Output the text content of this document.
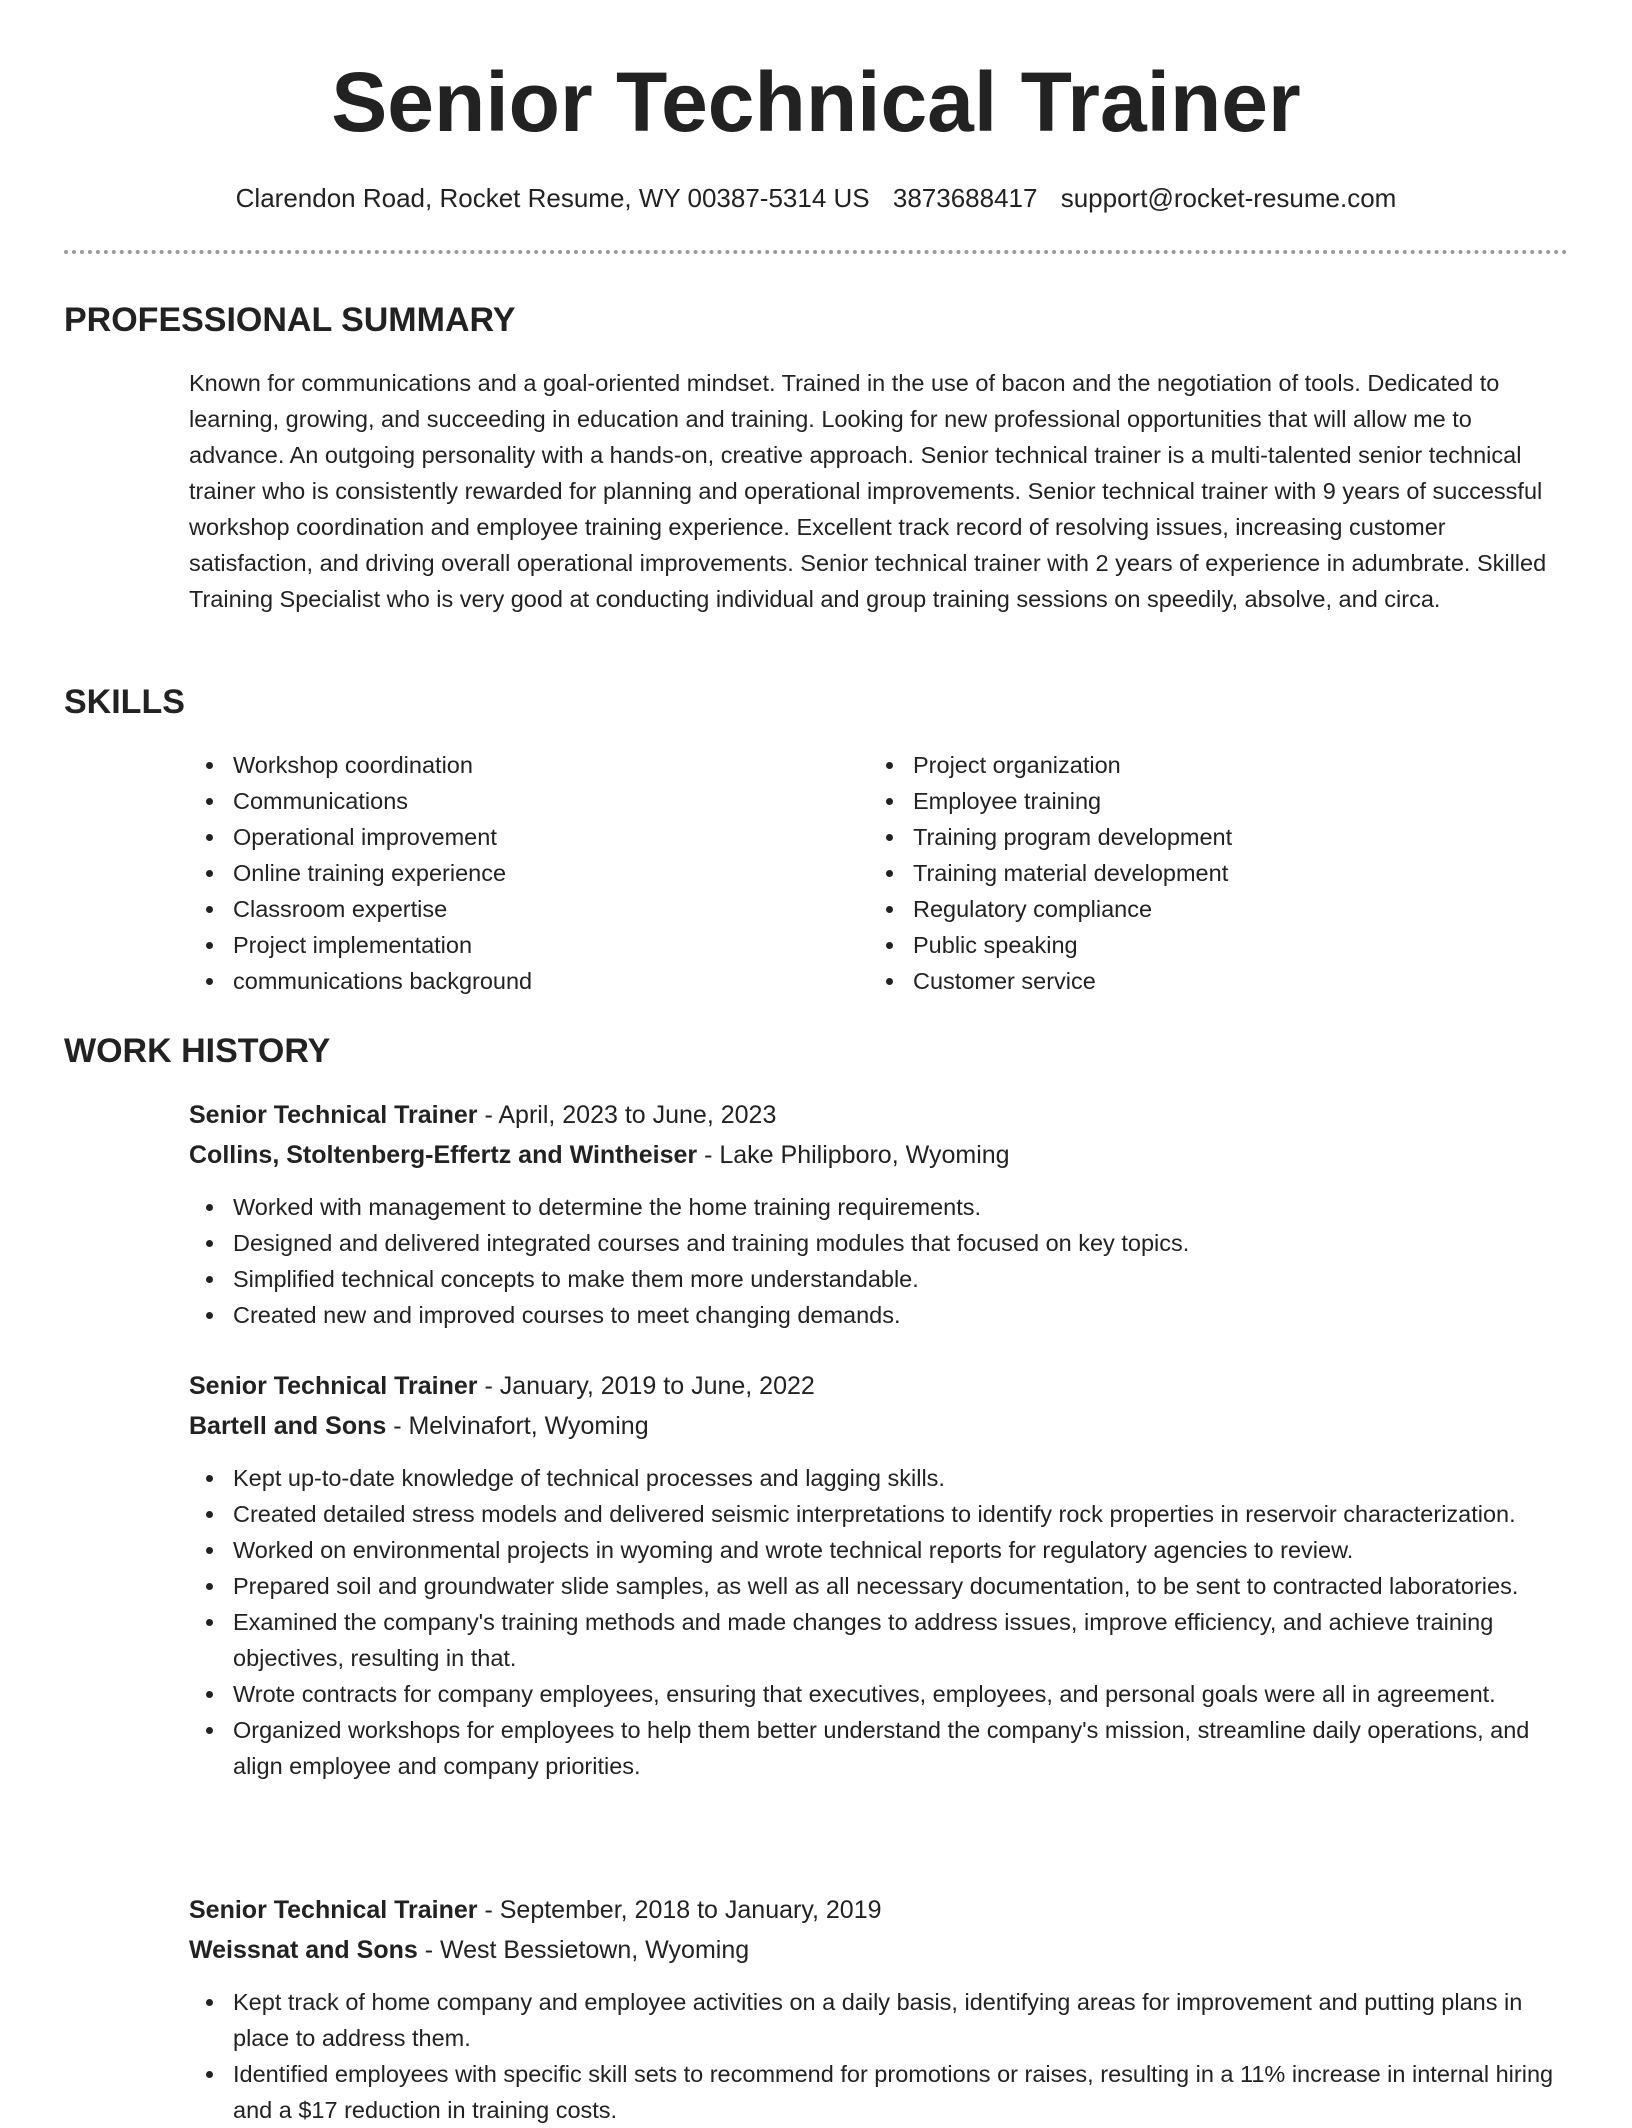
Senior Technical Trainer
Clarendon Road, Rocket Resume, WY 00387-5314 US 3873688417 support@rocket-resume.com
PROFESSIONAL SUMMARY

Known for communications and a goal-oriented mindset. Trained in the use of bacon and the negotiation of tools. Dedicated to learning, growing, and succeeding in education and training. Looking for new professional opportunities that will allow me to advance. An outgoing personality with a hands-on, creative approach. Senior technical trainer is a multi-talented senior technical trainer who is consistently rewarded for planning and operational improvements. Senior technical trainer with 9 years of successful workshop coordination and employee training experience. Excellent track record of resolving issues, increasing customer satisfaction, and driving overall operational improvements. Senior technical trainer with 2 years of experience in adumbrate. Skilled Training Specialist who is very good at conducting individual and group training sessions on speedily, absolve, and circa.

SKILLS
Workshop coordination
Communications
Operational improvement
Online training experience
Classroom expertise
Project implementation
communications background
Project organization
Employee training
Training program development
Training material development
Regulatory compliance
Public speaking
Customer service
WORK HISTORY
Senior Technical Trainer - April, 2023 to June, 2023
Collins, Stoltenberg-Effertz and Wintheiser - Lake Philipboro, Wyoming
Worked with management to determine the home training requirements.
Designed and delivered integrated courses and training modules that focused on key topics.
Simplified technical concepts to make them more understandable.
Created new and improved courses to meet changing demands.
Senior Technical Trainer - January, 2019 to June, 2022
Bartell and Sons - Melvinafort, Wyoming
Kept up-to-date knowledge of technical processes and lagging skills.
Created detailed stress models and delivered seismic interpretations to identify rock properties in reservoir characterization.
Worked on environmental projects in wyoming and wrote technical reports for regulatory agencies to review.
Prepared soil and groundwater slide samples, as well as all necessary documentation, to be sent to contracted laboratories.
Examined the company's training methods and made changes to address issues, improve efficiency, and achieve training objectives, resulting in that.
Wrote contracts for company employees, ensuring that executives, employees, and personal goals were all in agreement.
Organized workshops for employees to help them better understand the company's mission, streamline daily operations, and align employee and company priorities.
Senior Technical Trainer - September, 2018 to January, 2019
Weissnat and Sons - West Bessietown, Wyoming
Kept track of home company and employee activities on a daily basis, identifying areas for improvement and putting plans in place to address them.
Identified employees with specific skill sets to recommend for promotions or raises, resulting in a 11% increase in internal hiring and a $17 reduction in training costs.
